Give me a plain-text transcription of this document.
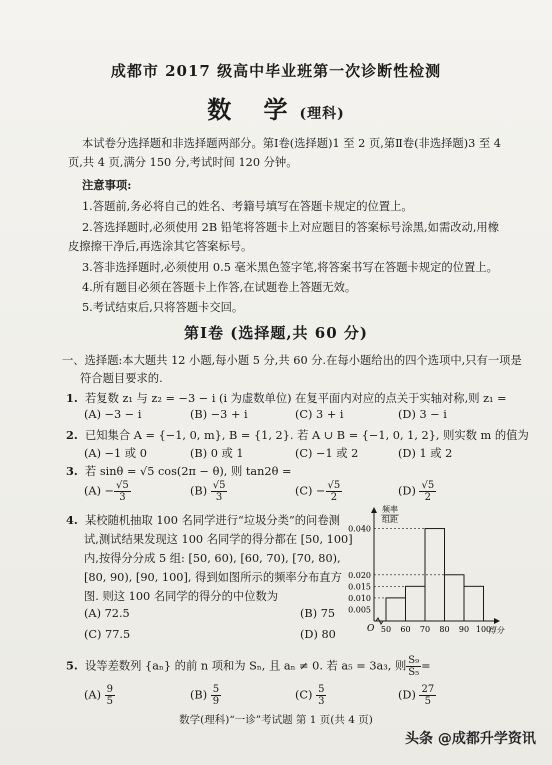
成都市 2017 级高中毕业班第一次诊断性检测
数 学(理科)
本试卷分选择题和非选择题两部分。第Ⅰ卷(选择题)1 至 2 页,第Ⅱ卷(非选择题)3 至 4
页,共 4 页,满分 150 分,考试时间 120 分钟。
注意事项:
1.答题前,务必将自己的姓名、考籍号填写在答题卡规定的位置上。
2.答选择题时,必须使用 2B 铅笔将答题卡上对应题目的答案标号涂黑,如需改动,用橡
皮擦擦干净后,再选涂其它答案标号。
3.答非选择题时,必须使用 0.5 毫米黑色签字笔,将答案书写在答题卡规定的位置上。
4.所有题目必须在答题卡上作答,在试题卷上答题无效。
5.考试结束后,只将答题卡交回。
第Ⅰ卷 (选择题,共 60 分)
一、选择题:本大题共 12 小题,每小题 5 分,共 60 分.在每小题给出的四个选项中,只有一项是
符合题目要求的.
1. 若复数 z₁ 与 z₂ = −3 − i (i 为虚数单位) 在复平面内对应的点关于实轴对称,则 z₁ =
(A) −3 − i	(B) −3 + i	(C) 3 + i	(D) 3 − i
2. 已知集合 A = {−1, 0, m}, B = {1, 2}. 若 A ∪ B = {−1, 0, 1, 2}, 则实数 m 的值为
(A) −1 或 0	(B) 0 或 1	(C) −1 或 2	(D) 1 或 2
3. 若 sinθ = √5 cos(2π − θ), 则 tan2θ =
$(A) - \frac{√5}{3}$	$(B) \frac{√5}{3}$	$(C) - \frac{√5}{2}$	$(D) \frac{√5}{2}$
4. 某校随机抽取 100 名同学进行“垃圾分类”的问卷测
试,测试结果发现这 100 名同学的得分都在 [50, 100]
内,按得分分成 5 组: [50, 60), [60, 70), [70, 80),
[80, 90), [90, 100], 得到如图所示的频率分布直方
图. 则这 100 名同学的得分的中位数为
(A) 72.5	(B) 75
(C) 77.5	(D) 80
0.040
0.020
0.015
0.010
0.005
50 60 70 80 90 100
O
频率
组距
得分
5. 设等差数列 {aₙ} 的前 n 项和为 Sₙ, 且 aₙ ≠ 0. 若 a₅ = 3a₃, 则 $\frac{\text{S₉}}{\text{S₅}}$ =
$(A) \frac{9}{5}$	$(B) \frac{5}{9}$	$(C) \frac{5}{3}$	$(D) \frac{27}{5}$
数学(理科)“一诊”考试题 第 1 页(共 4 页)
头条 @成都升学资讯
